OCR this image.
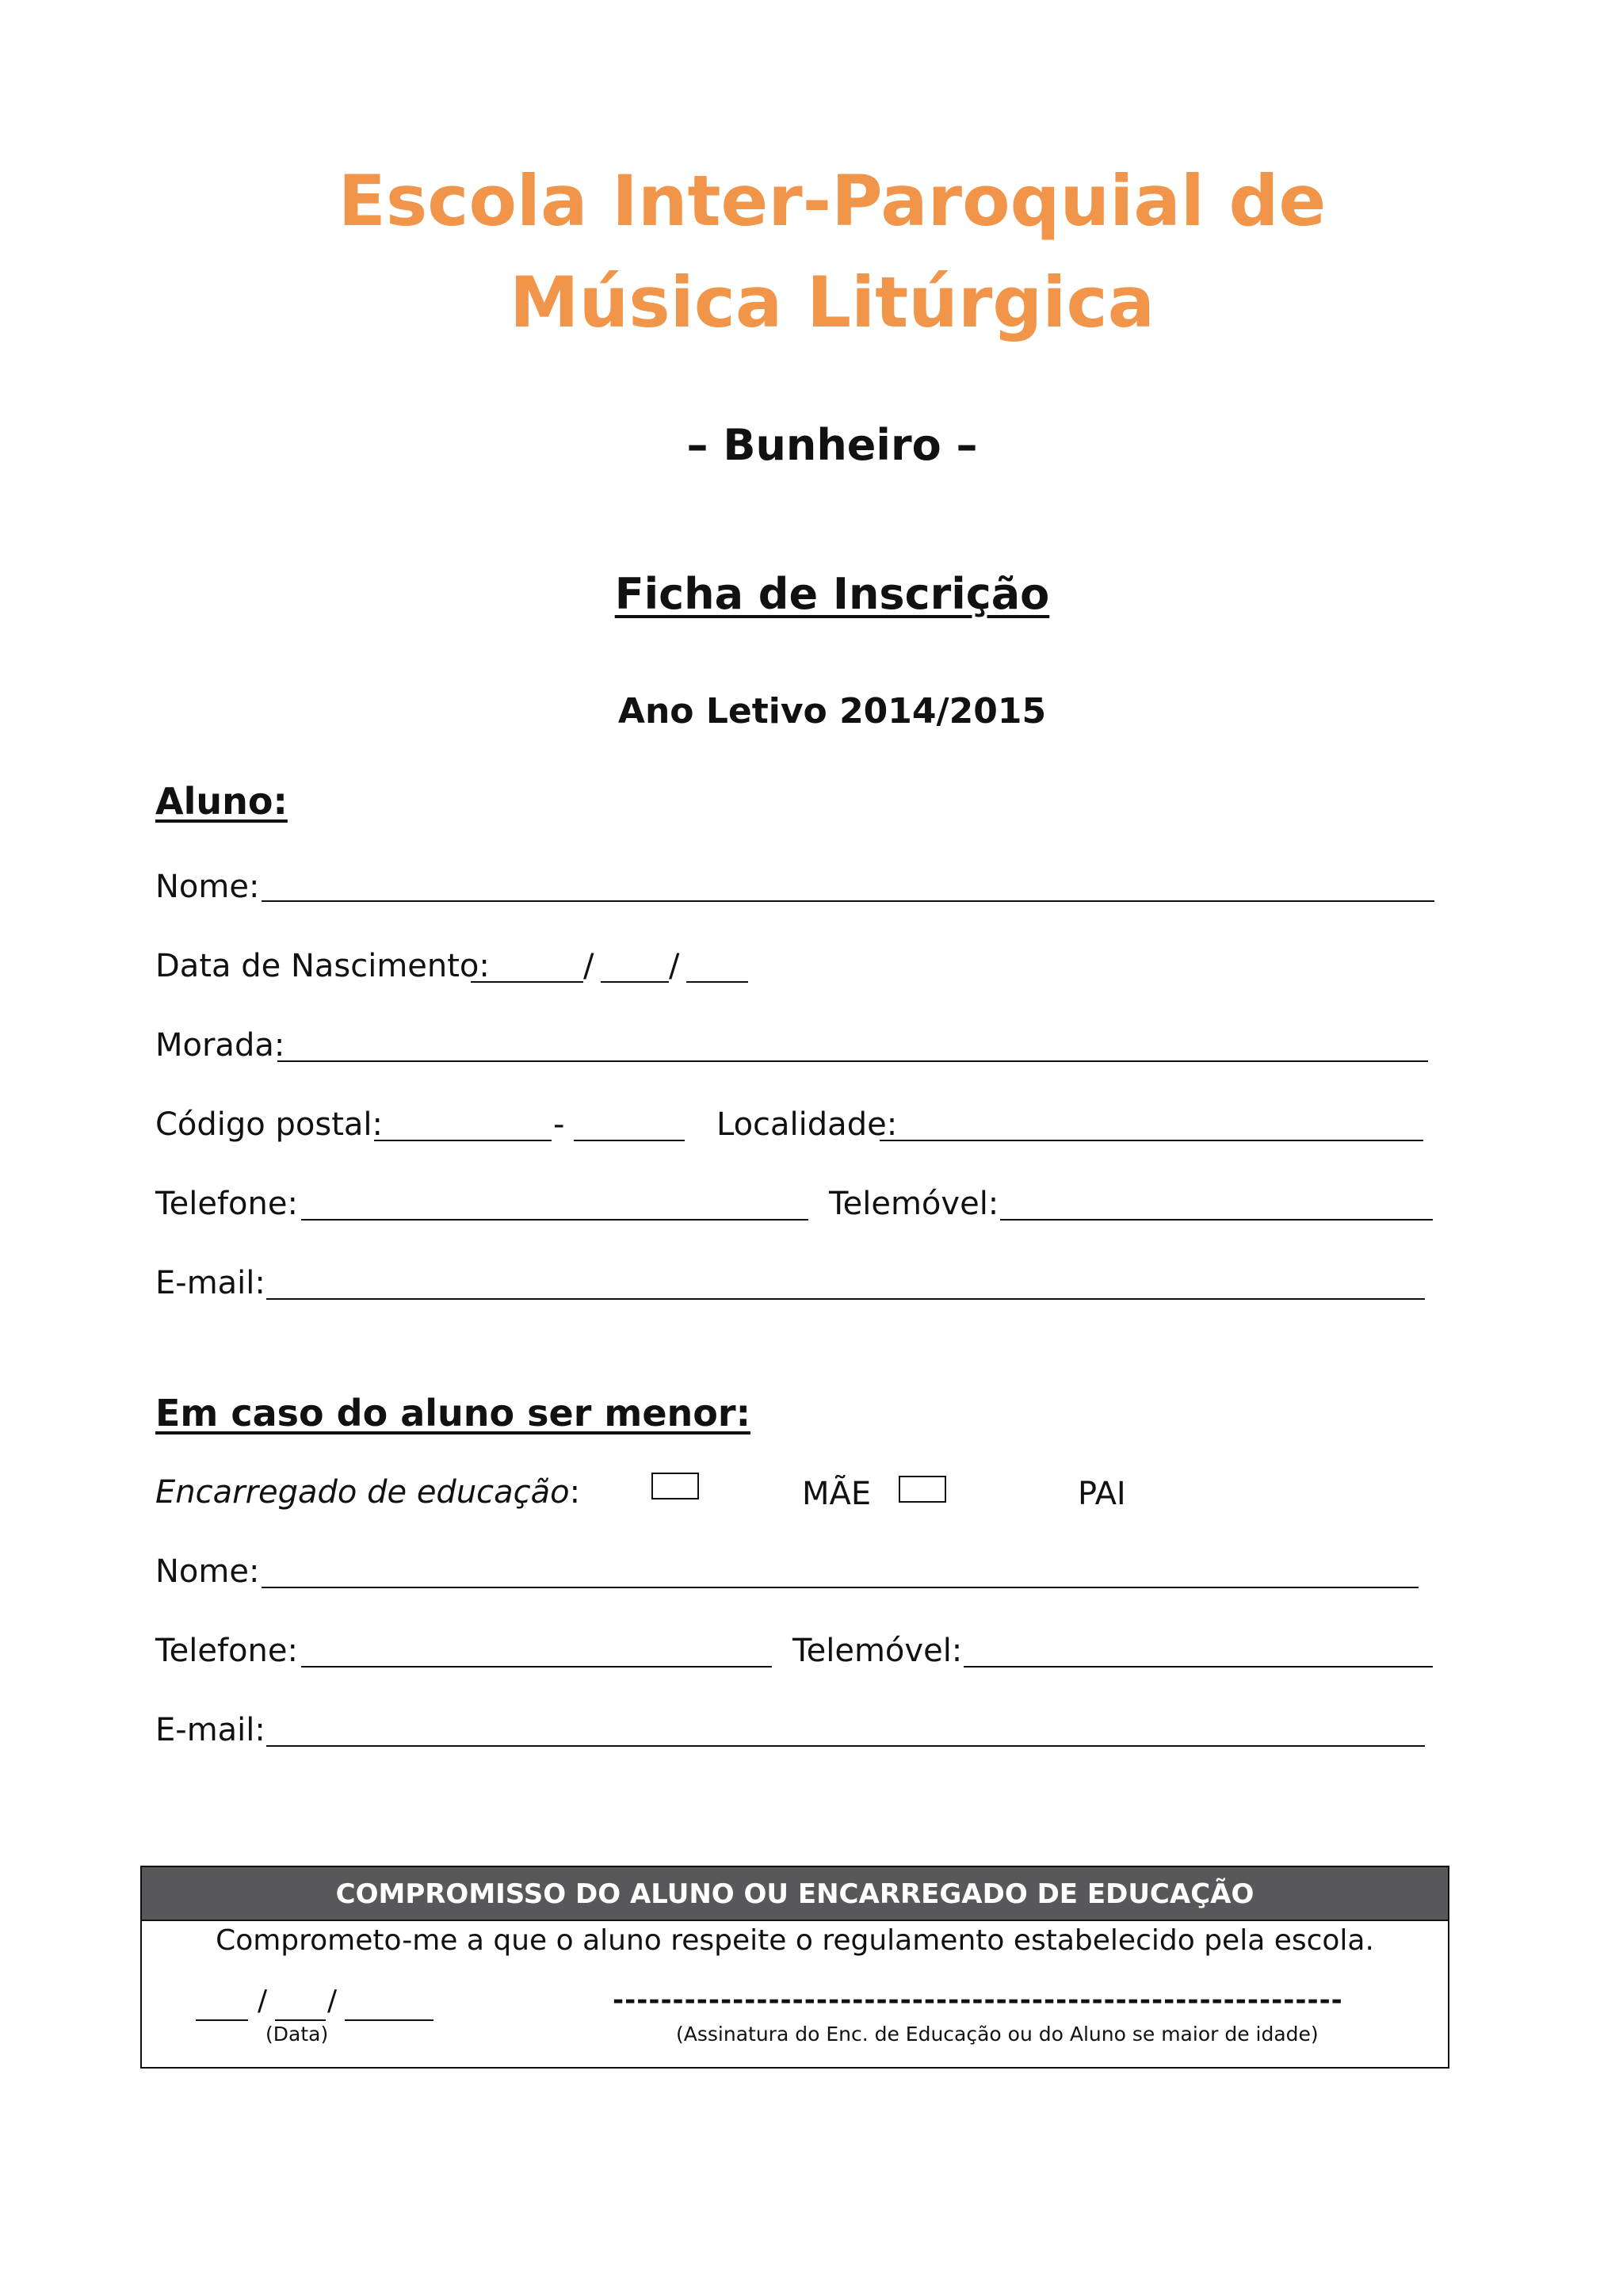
Escola Inter-Paroquial de
Música Litúrgica
– Bunheiro –
Ficha de Inscrição
Ano Letivo 2014/2015
Aluno:
Nome:
Data de Nascimento:	/ /
Morada:
Código postal:	-	Localidade:
Telefone:	Telemóvel:
E-mail:
Em caso do aluno ser menor:
Encarregado de educação:	MÃE	PAI
Nome:
Telefone:	Telemóvel:
E-mail:
COMPROMISSO DO ALUNO OU ENCARREGADO DE EDUCAÇÃO
Comprometo-me a que o aluno respeite o regulamento estabelecido pela escola.
/ /
(Data)
-------------------------------------------------------------
(Assinatura do Enc. de Educação ou do Aluno se maior de idade)
